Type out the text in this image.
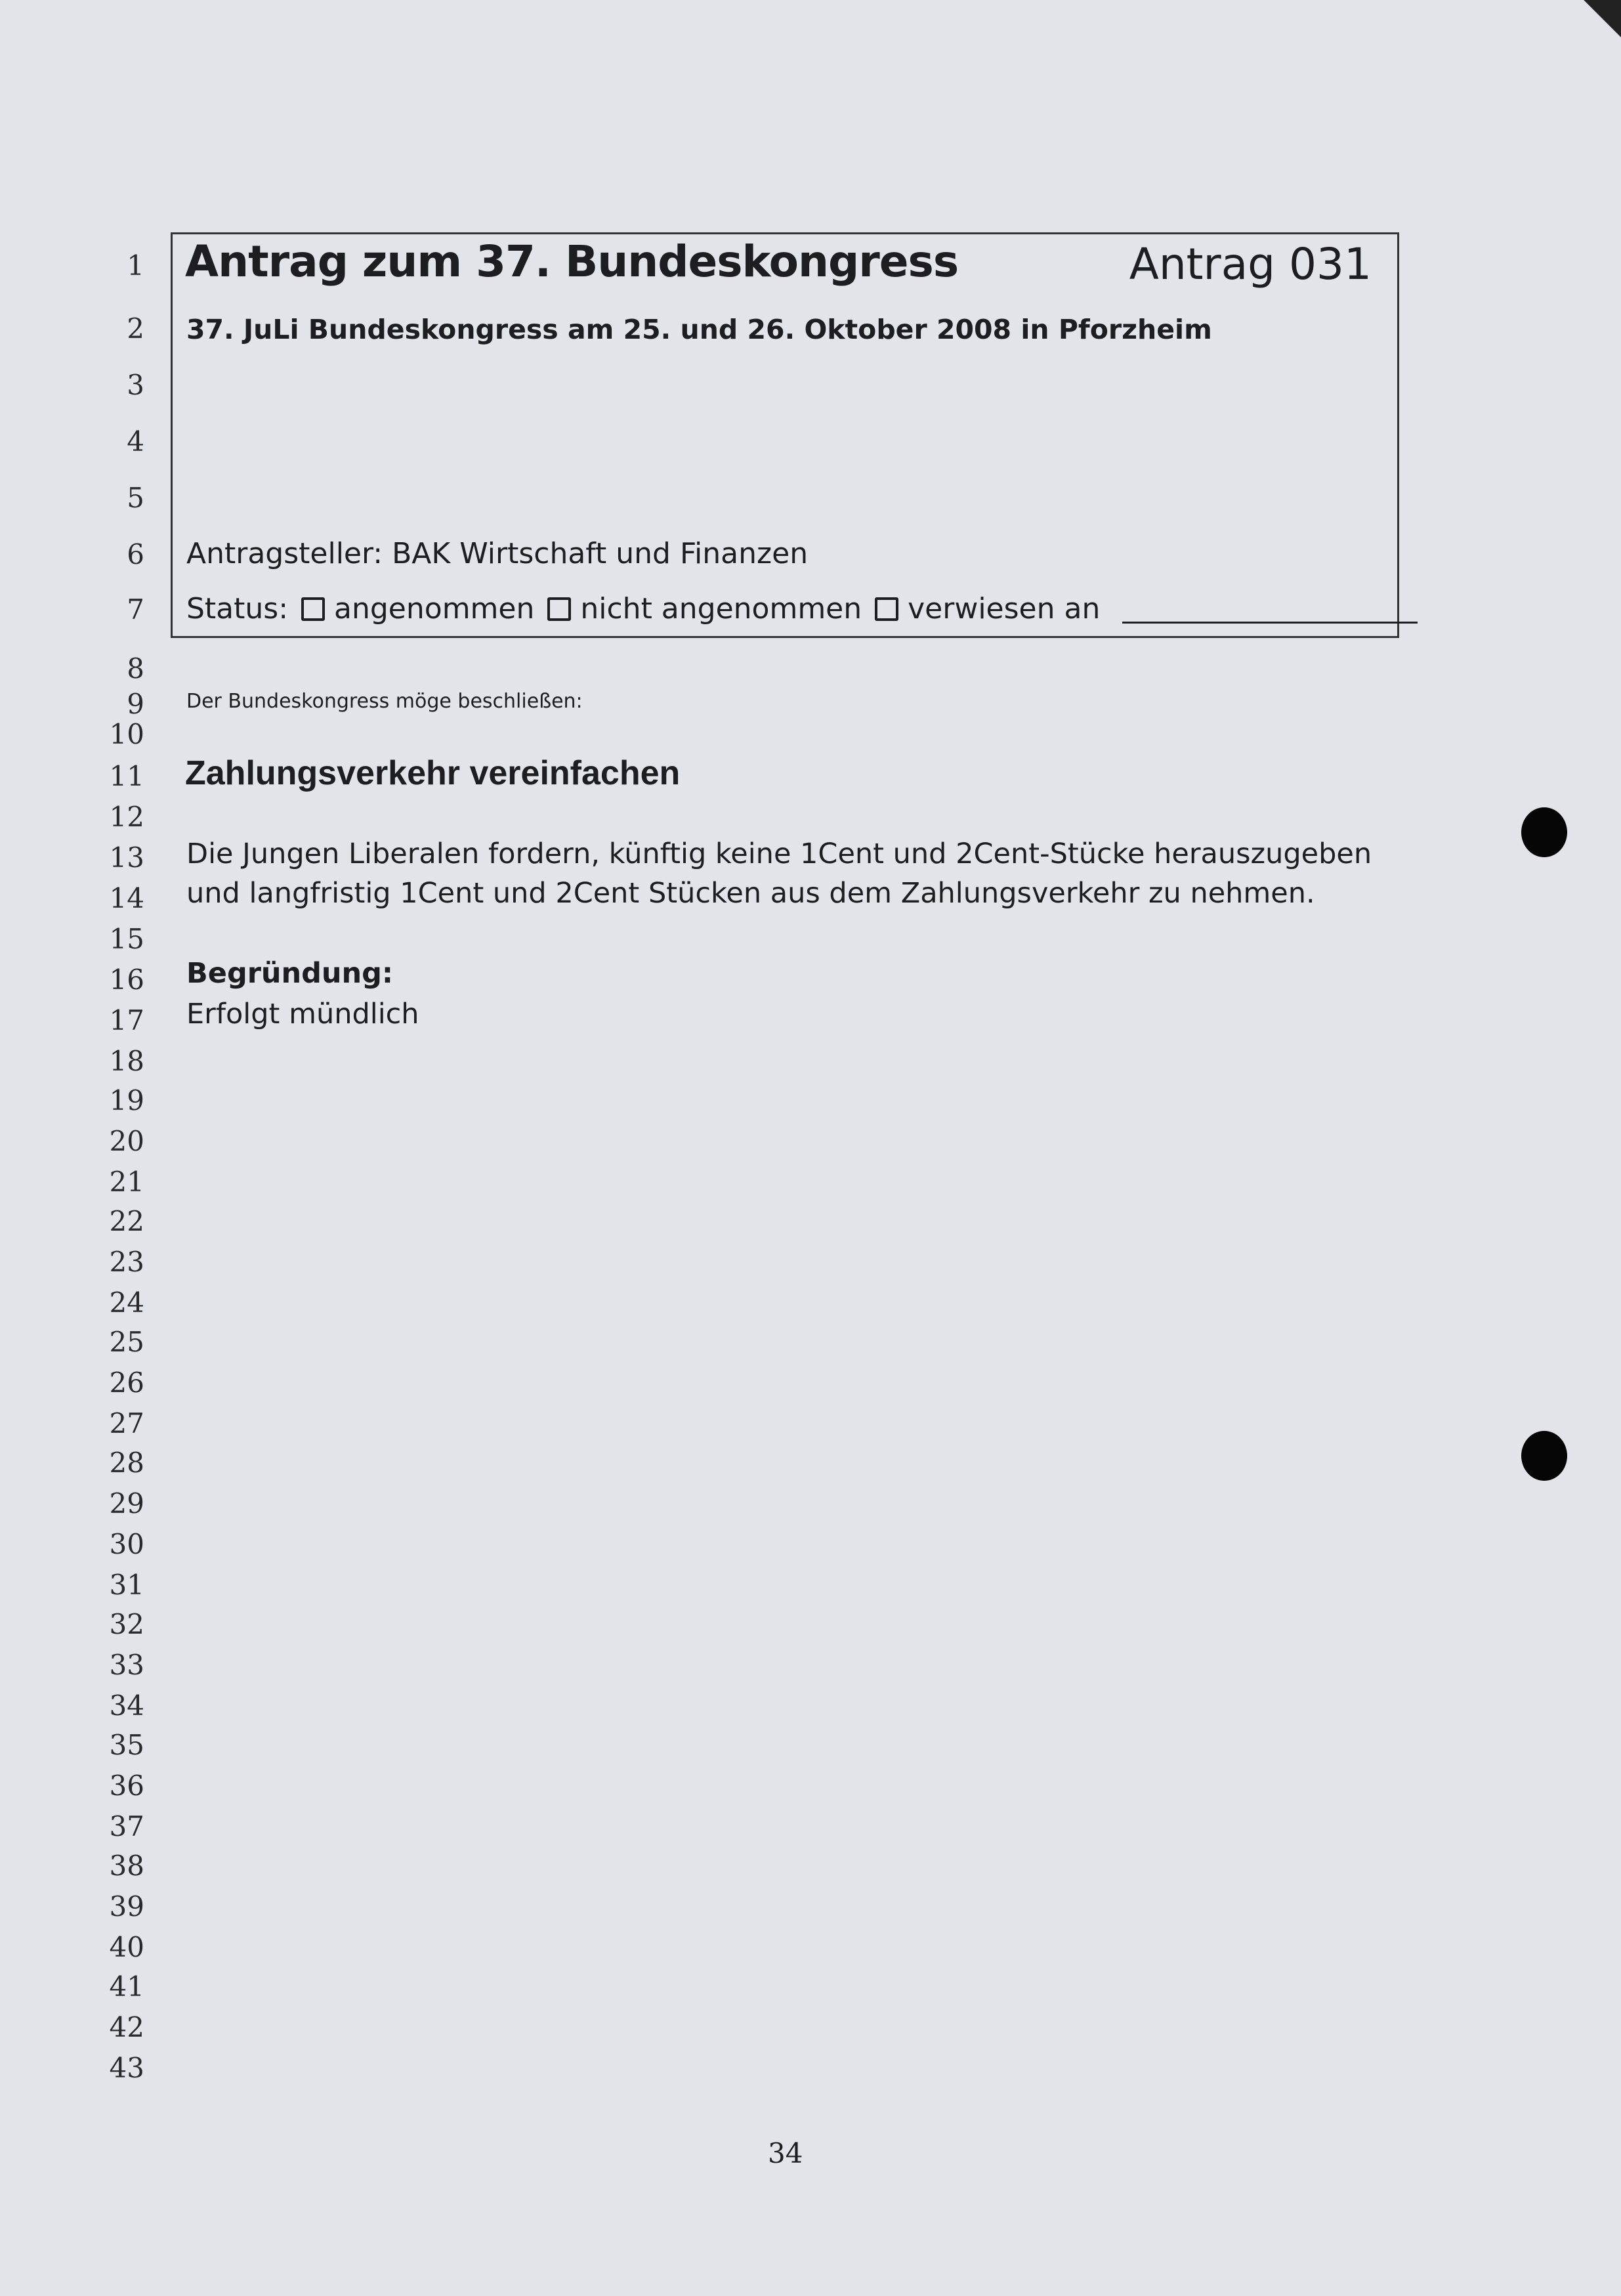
1
2
3
4
5
6
7
8
9
10
11
12
13
14
15
16
17
18
19
20
21
22
23
24
25
26
27
28
29
30
31
32
33
34
35
36
37
38
39
40
41
42
43
Antrag zum 37. Bundeskongress	Antrag 031
37. JuLi Bundeskongress am 25. und 26. Oktober 2008 in Pforzheim
Antragsteller: BAK Wirtschaft und Finanzen
Status: angenommen nicht angenommen verwiesen an
Der Bundeskongress möge beschließen:
Zahlungsverkehr vereinfachen
Die Jungen Liberalen fordern, künftig keine 1Cent und 2Cent-Stücke herauszugeben
und langfristig 1Cent und 2Cent Stücken aus dem Zahlungsverkehr zu nehmen.
Begründung:
Erfolgt mündlich
34
